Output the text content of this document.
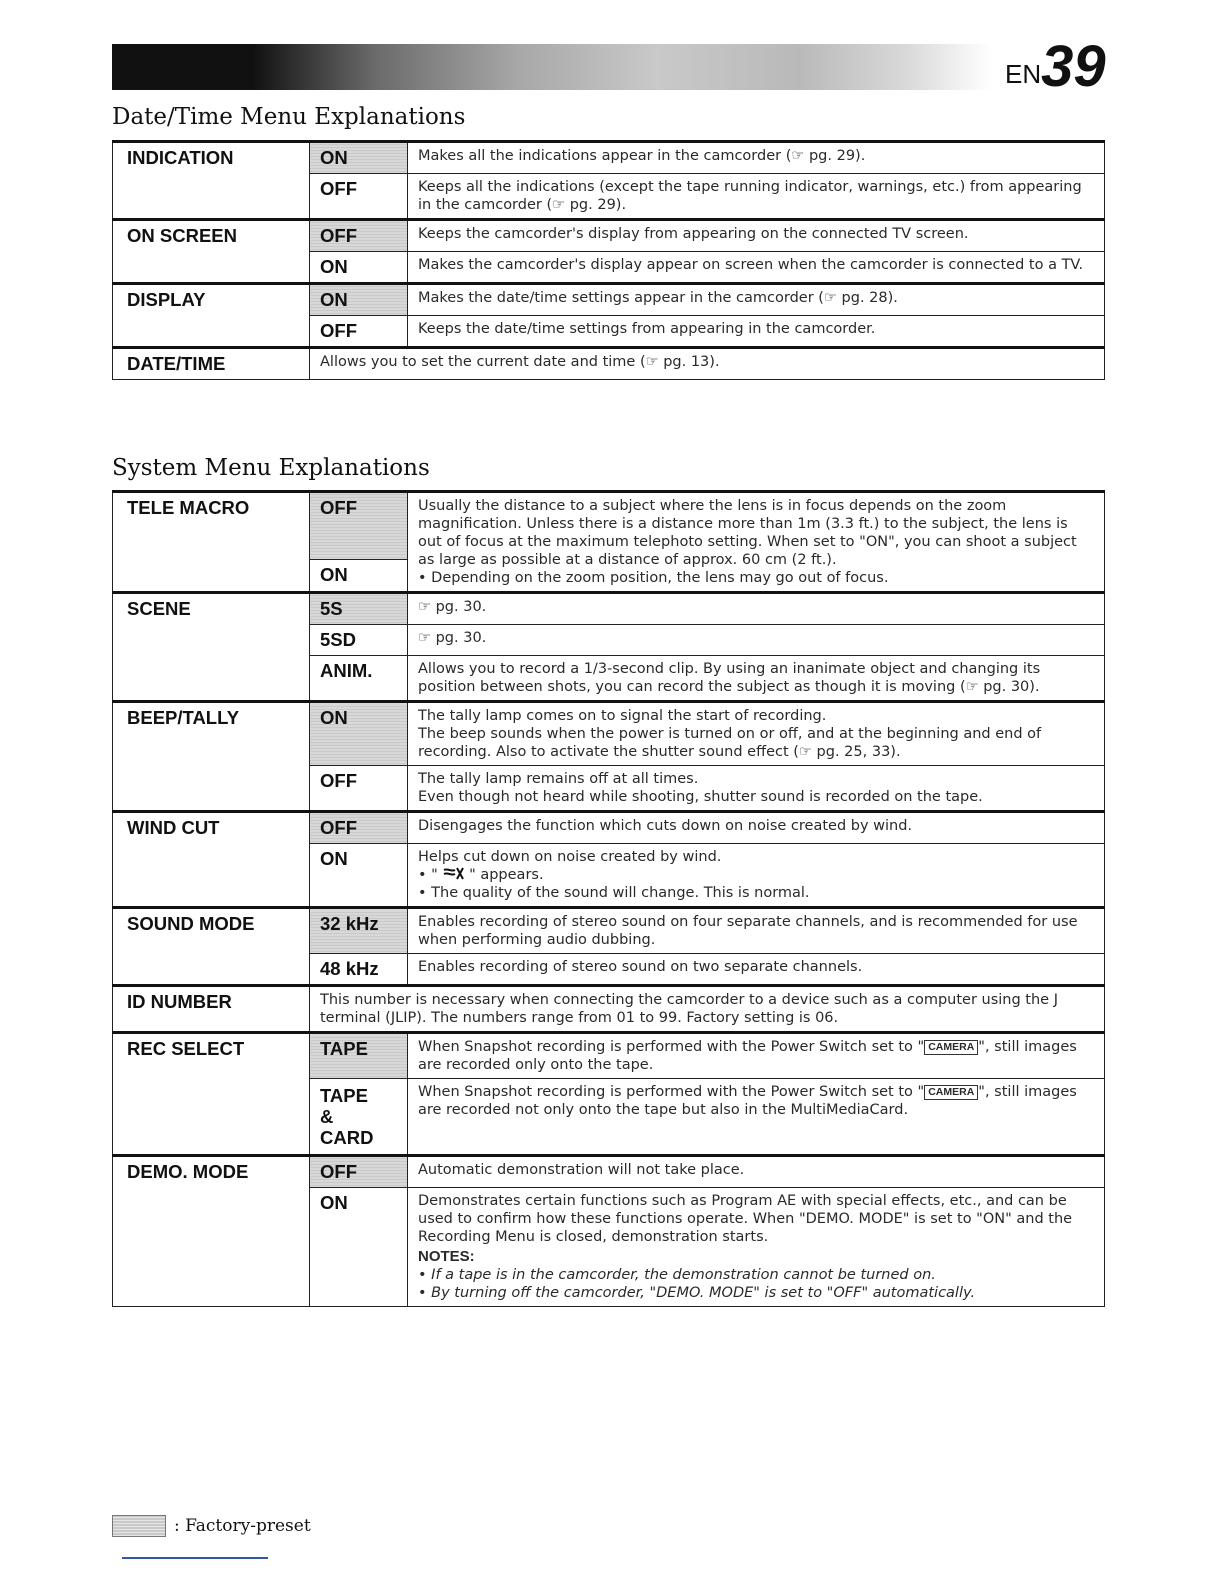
EN 39
Date/Time Menu Explanations
INDICATION	ON	Makes all the indications appear in the camcorder (☞ pg. 29).
	OFF	Keeps all the indications (except the tape running indicator, warnings, etc.) from appearing in the camcorder (☞ pg. 29).
ON SCREEN	OFF	Keeps the camcorder's display from appearing on the connected TV screen.
	ON	Makes the camcorder's display appear on screen when the camcorder is connected to a TV.
DISPLAY	ON	Makes the date/time settings appear in the camcorder (☞ pg. 28).
	OFF	Keeps the date/time settings from appearing in the camcorder.
DATE/TIME	Allows you to set the current date and time (☞ pg. 13).	
System Menu Explanations
TELE MACRO	OFF	Usually the distance to a subject where the lens is in focus depends on the zoom magnification. Unless there is a distance more than 1m (3.3 ft.) to the subject, the lens is out of focus at the maximum telephoto setting. When set to "ON", you can shoot a subject as large as possible at a distance of approx. 60 cm (2 ft.).
• Depending on the zoom position, the lens may go out of focus.

	ON	
SCENE	5S	☞ pg. 30.
	5SD	☞ pg. 30.
	ANIM.	Allows you to record a 1/3-second clip. By using an inanimate object and changing its position between shots, you can record the subject as though it is moving (☞ pg. 30).
BEEP/TALLY	ON	The tally lamp comes on to signal the start of recording.
The beep sounds when the power is turned on or off, and at the beginning and end of recording. Also to activate the shutter sound effect (☞ pg. 25, 33).

	OFF	The tally lamp remains off at all times.
Even though not heard while shooting, shutter sound is recorded on the tape.

WIND CUT	OFF	Disengages the function which cuts down on noise created by wind.
	ON	Helps cut down on noise created by wind.
• " " appears.
• The quality of the sound will change. This is normal.

SOUND MODE	32 kHz	Enables recording of stereo sound on four separate channels, and is recommended for use when performing audio dubbing.
	48 kHz	Enables recording of stereo sound on two separate channels.
ID NUMBER	This number is necessary when connecting the camcorder to a device such as a computer using the J terminal (JLIP). The numbers range from 01 to 99. Factory setting is 06.	
REC SELECT	TAPE	When Snapshot recording is performed with the Power Switch set to " CAMERA ", still images are recorded only onto the tape.

	TAPE
&
CARD	When Snapshot recording is performed with the Power Switch set to " CAMERA ", still images are recorded not only onto the tape but also in the MultiMediaCard.
DEMO. MODE	OFF	Automatic demonstration will not take place.
	ON	Demonstrates certain functions such as Program AE with special effects, etc., and can be used to confirm how these functions operate. When "DEMO. MODE" is set to "ON" and the Recording Menu is closed, demonstration starts.
NOTES:
• If a tape is in the camcorder, the demonstration cannot be turned on.
• By turning off the camcorder, "DEMO. MODE" is set to "OFF" automatically.
: Factory-preset
